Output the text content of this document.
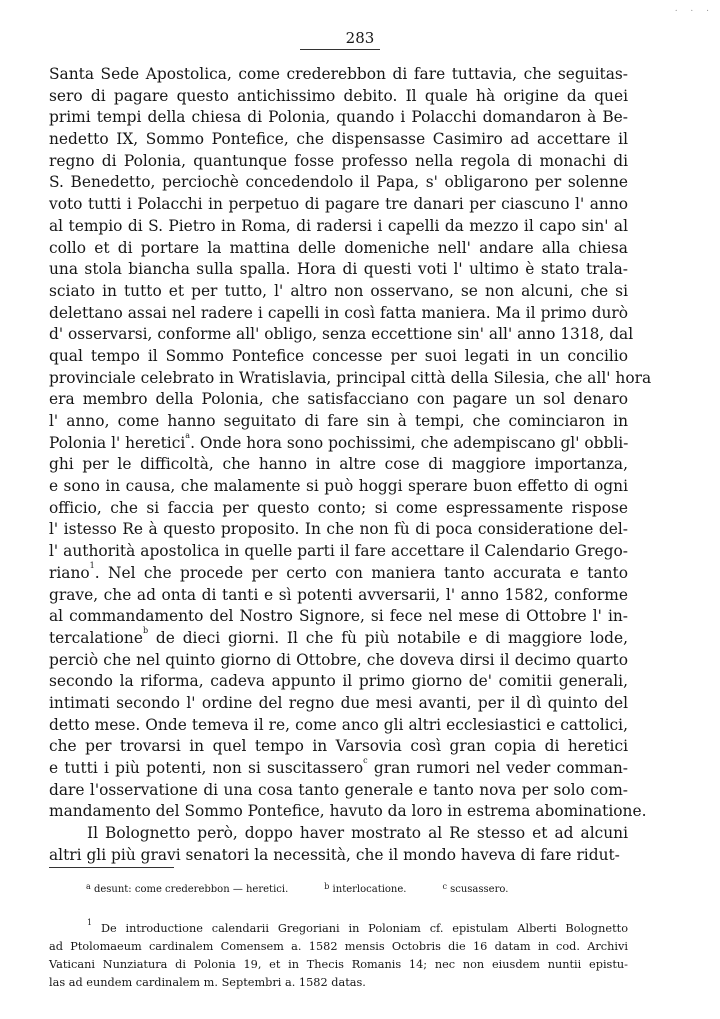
. . .
283
Santa Sede Apostolica, come crederebbon di fare tuttavia, che seguitas-
sero di pagare questo antichissimo debito. Il quale hà origine da quei
primi tempi della chiesa di Polonia, quando i Polacchi domandaron à Be-
nedetto IX, Sommo Pontefice, che dispensasse Casimiro ad accettare il
regno di Polonia, quantunque fosse professo nella regola di monachi di
S. Benedetto, perciochè concedendolo il Papa, s' obligarono per solenne
voto tutti i Polacchi in perpetuo di pagare tre danari per ciascuno l' anno
al tempio di S. Pietro in Roma, di radersi i capelli da mezzo il capo sin' al
collo et di portare la mattina delle domeniche nell' andare alla chiesa
una stola biancha sulla spalla. Hora di questi voti l' ultimo è stato trala-
sciato in tutto et per tutto, l' altro non osservano, se non alcuni, che si
delettano assai nel radere i capelli in così fatta maniera. Ma il primo durò
d' osservarsi, conforme all' obligo, senza eccettione sin' all' anno 1318, dal
qual tempo il Sommo Pontefice concesse per suoi legati in un concilio
provinciale celebrato in Wratislavia, principal città della Silesia, che all' hora
era membro della Polonia, che satisfacciano con pagare un sol denaro
l' anno, come hanno seguitato di fare sin à tempi, che cominciaron in
Polonia l' heretici$^a$. Onde hora sono pochissimi, che adempiscano gl' obbli-
ghi per le difficoltà, che hanno in altre cose di maggiore importanza,
e sono in causa, che malamente si può hoggi sperare buon effetto di ogni
officio, che si faccia per questo conto; si come espressamente rispose
l' istesso Re à questo proposito. In che non fù di poca consideratione del-
l' authorità apostolica in quelle parti il fare accettare il Calendario Grego-
riano$^1$. Nel che procede per certo con maniera tanto accurata e tanto
grave, che ad onta di tanti e sì potenti avversarii, l' anno 1582, conforme
al commandamento del Nostro Signore, si fece nel mese di Ottobre l' in-
tercalatione$^b$ de dieci giorni. Il che fù più notabile e di maggiore lode,
perciò che nel quinto giorno di Ottobre, che doveva dirsi il decimo quarto
secondo la riforma, cadeva appunto il primo giorno de' comitii generali,
intimati secondo l' ordine del regno due mesi avanti, per il dì quinto del
detto mese. Onde temeva il re, come anco gli altri ecclesiastici e cattolici,
che per trovarsi in quel tempo in Varsovia così gran copia di heretici
e tutti i più potenti, non si suscitassero$^c$ gran rumori nel veder comman-
dare l'osservatione di una cosa tanto generale e tanto nova per solo com-
mandamento del Sommo Pontefice, havuto da loro in estrema abominatione.
Il Bolognetto però, doppo haver mostrato al Re stesso et ad alcuni
altri gli più gravi senatori la necessità, che il mondo haveva di fare ridut-
$^a$ desunt: come crederebbon — heretici.	$^b$ interlocatione.	$^c$ scusassero.
$^1$ De introductione calendarii Gregoriani in Poloniam cf. epistulam Alberti Bolognetto
ad Ptolomaeum cardinalem Comensem a. 1582 mensis Octobris die 16 datam in cod. Archivi
Vaticani Nunziatura di Polonia 19, et in Thecis Romanis 14; nec non eiusdem nuntii epistu-
las ad eundem cardinalem m. Septembri a. 1582 datas.
